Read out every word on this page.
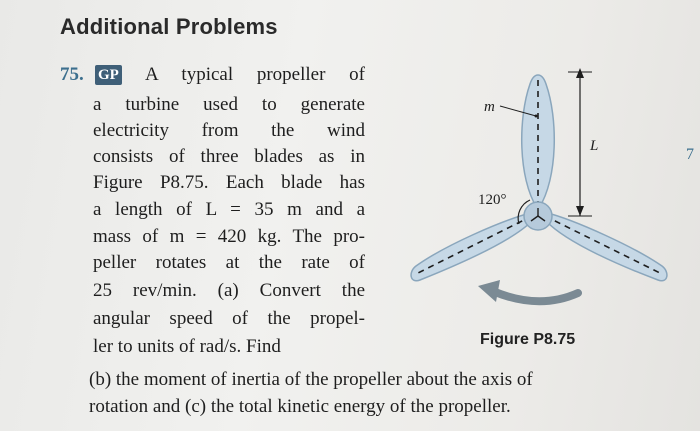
Additional Problems
75. GP A typical propeller of
a turbine used to generate
electricity from the wind
consists of three blades as in
Figure P8.75. Each blade has
a length of L = 35 m and a
mass of m = 420 kg. The pro-
peller rotates at the rate of
25 rev/min. (a) Convert the
angular speed of the propel-
ler to units of rad/s. Find
(b) the moment of inertia of the propeller about the axis of
rotation and (c) the total kinetic energy of the propeller.
m
L
120°
Figure P8.75
7
